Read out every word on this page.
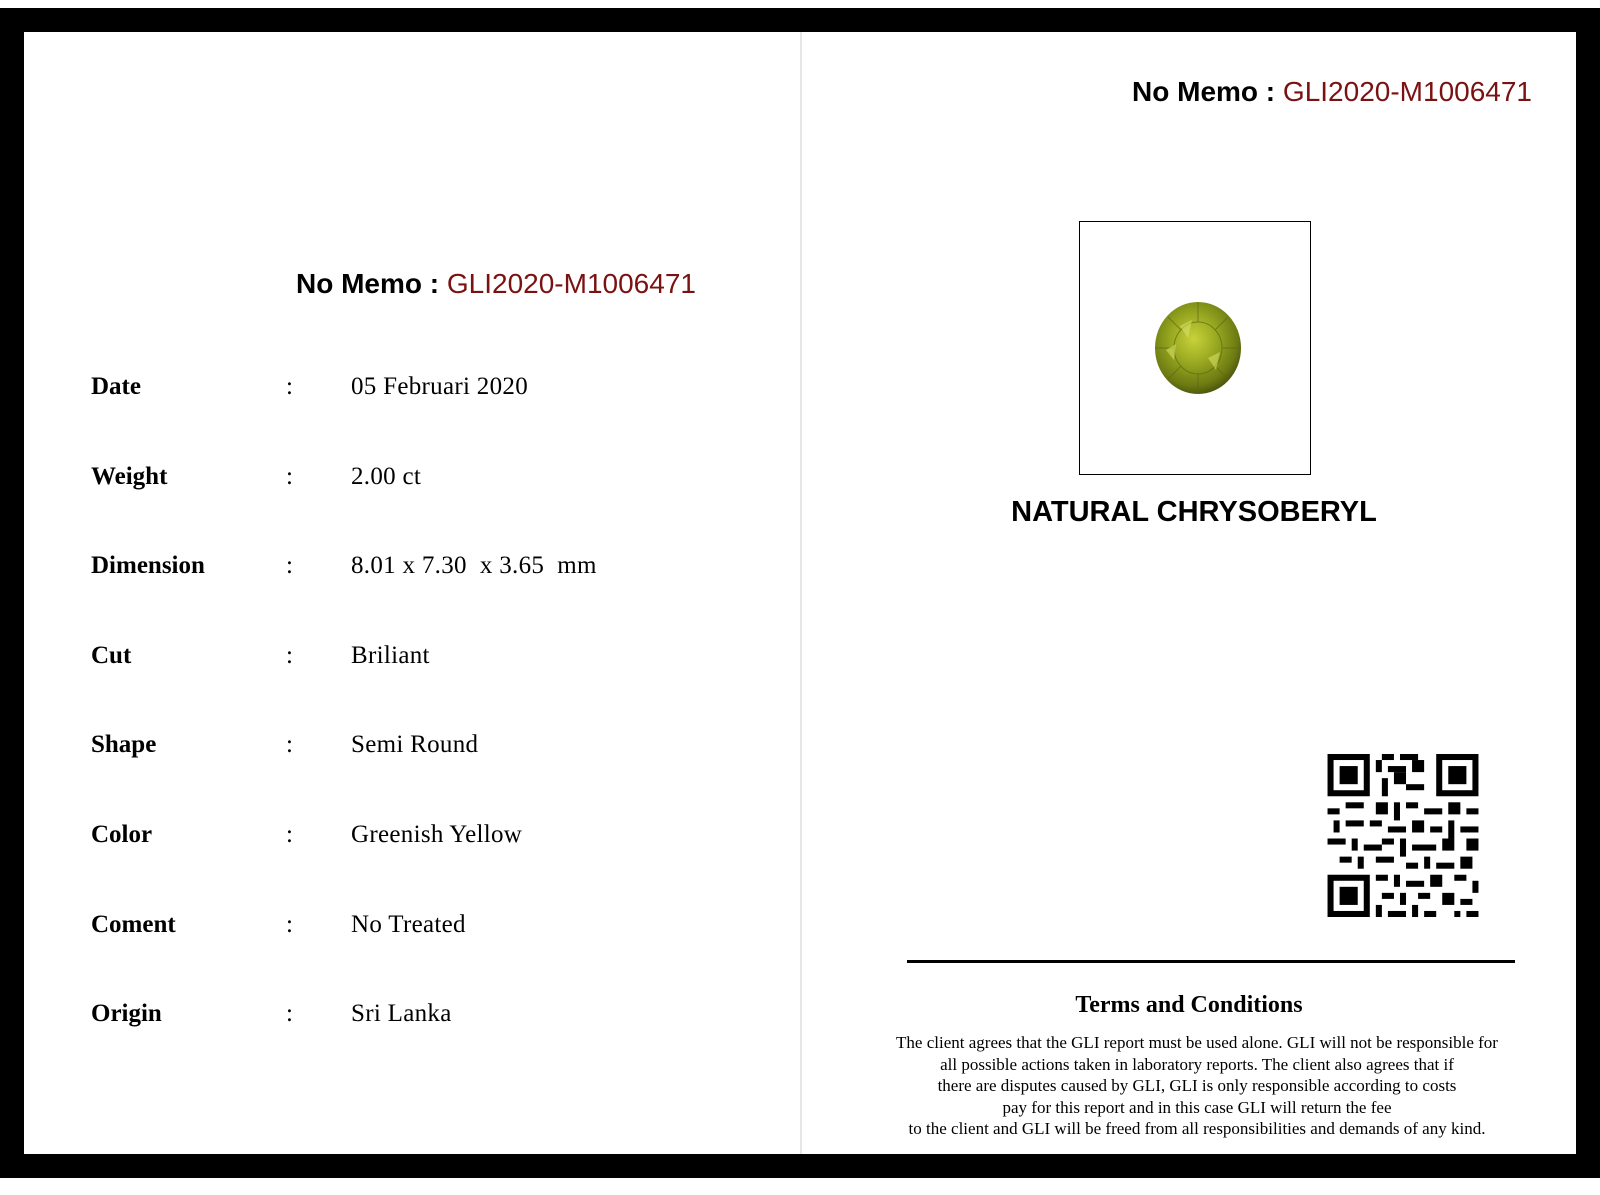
No Memo : GLI2020-M1006471
Date	: 05 Februari 2020
Weight	: 2.00 ct
Dimension	: 8.01 x 7.30  x 3.65  mm
Cut	: Briliant
Shape	: Semi Round
Color	: Greenish Yellow
Coment	: No Treated
Origin	: Sri Lanka
No Memo : GLI2020-M1006471
NATURAL CHRYSOBERYL
Terms and Conditions
The client agrees that the GLI report must be used alone. GLI will not be responsible for
all possible actions taken in laboratory reports. The client also agrees that if
there are disputes caused by GLI, GLI is only responsible according to costs
pay for this report and in this case GLI will return the fee
to the client and GLI will be freed from all responsibilities and demands of any kind.
